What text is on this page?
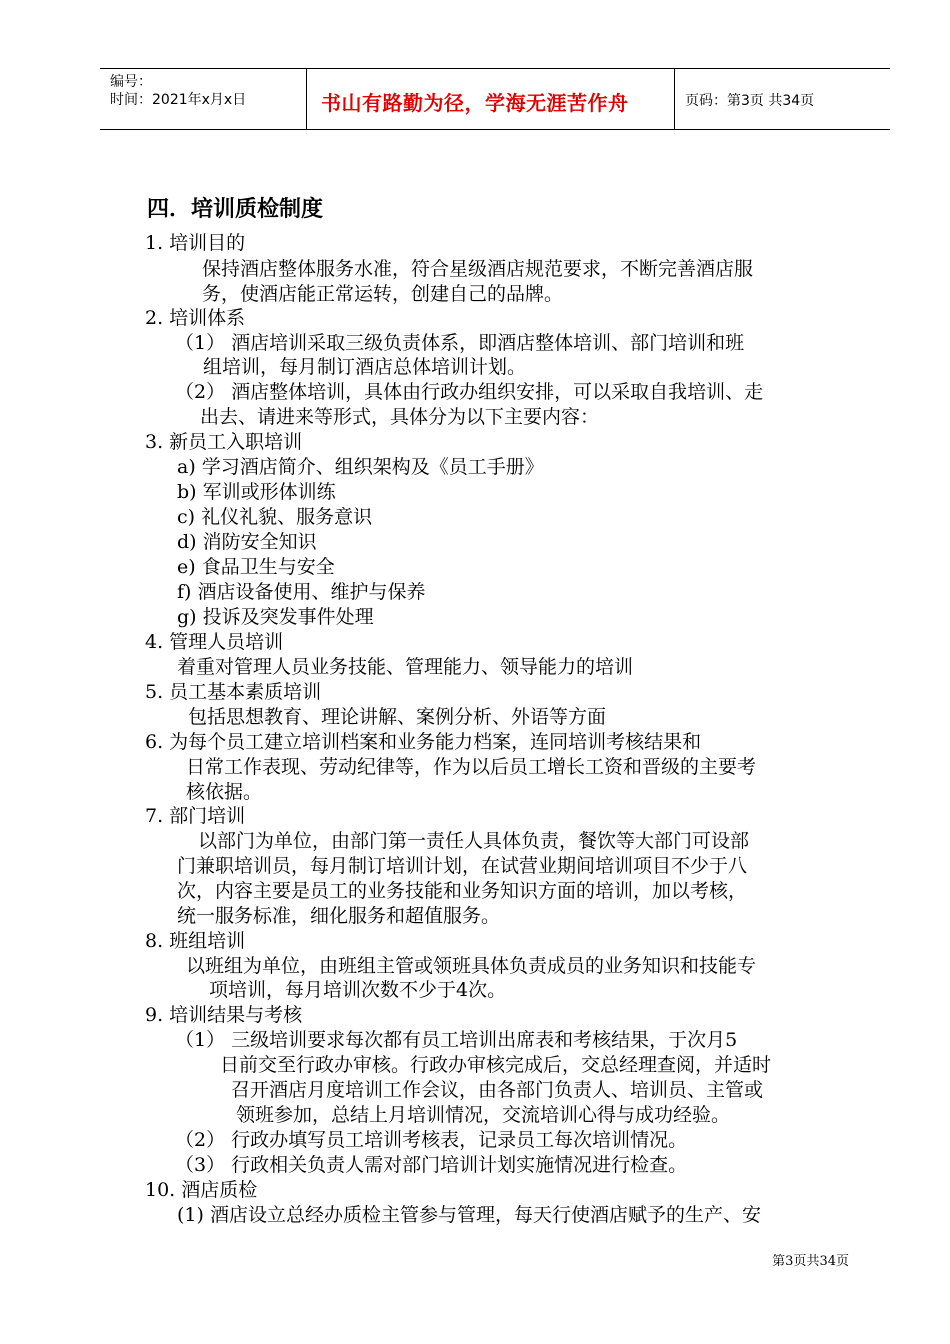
编号：
时间：2021年x月x日	书山有路勤为径，学海无涯苦作舟	页码：第3页 共34页
四．培训质检制度
1. 培训目的
保持酒店整体服务水准，符合星级酒店规范要求，不断完善酒店服
务，使酒店能正常运转，创建自己的品牌。
2. 培训体系
（1） 酒店培训采取三级负责体系，即酒店整体培训、部门培训和班
组培训，每月制订酒店总体培训计划。
（2） 酒店整体培训，具体由行政办组织安排，可以采取自我培训、走
出去、请进来等形式，具体分为以下主要内容：
3. 新员工入职培训
a) 学习酒店简介、组织架构及《员工手册》
b) 军训或形体训练
c) 礼仪礼貌、服务意识
d) 消防安全知识
e) 食品卫生与安全
f) 酒店设备使用、维护与保养
g) 投诉及突发事件处理
4. 管理人员培训
着重对管理人员业务技能、管理能力、领导能力的培训
5. 员工基本素质培训
包括思想教育、理论讲解、案例分析、外语等方面
6. 为每个员工建立培训档案和业务能力档案，连同培训考核结果和
日常工作表现、劳动纪律等，作为以后员工增长工资和晋级的主要考
核依据。
7. 部门培训
以部门为单位，由部门第一责任人具体负责，餐饮等大部门可设部
门兼职培训员，每月制订培训计划，在试营业期间培训项目不少于八
次，内容主要是员工的业务技能和业务知识方面的培训，加以考核，
统一服务标准，细化服务和超值服务。
8. 班组培训
以班组为单位，由班组主管或领班具体负责成员的业务知识和技能专
项培训，每月培训次数不少于4次。
9. 培训结果与考核
（1） 三级培训要求每次都有员工培训出席表和考核结果，于次月5
日前交至行政办审核。行政办审核完成后，交总经理查阅，并适时
召开酒店月度培训工作会议，由各部门负责人、培训员、主管或
领班参加，总结上月培训情况，交流培训心得与成功经验。
（2） 行政办填写员工培训考核表，记录员工每次培训情况。
（3） 行政相关负责人需对部门培训计划实施情况进行检查。
10. 酒店质检
(1) 酒店设立总经办质检主管参与管理，每天行使酒店赋予的生产、安
第3页共34页
